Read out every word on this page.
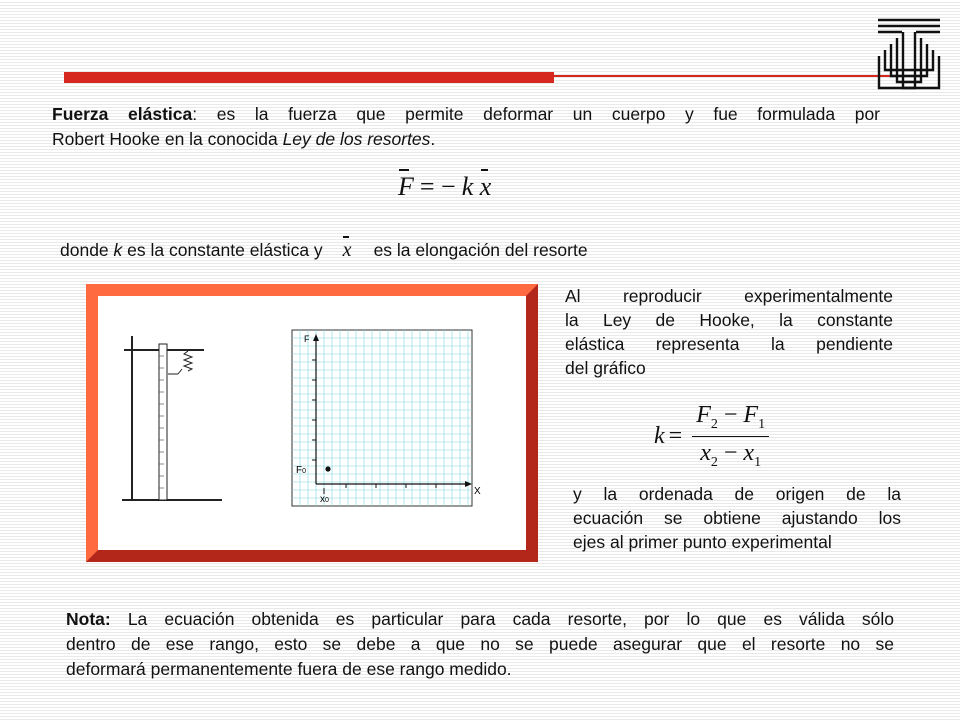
Fuerza elástica: es la fuerza que permite deformar un cuerpo y fue formulada por

Robert Hooke en la conocida Ley de los resortes.

F = − k x
donde k es la constante elástica y x es la elongación del resorte
F
X
F0
x0

Al reproducir experimentalmente

la Ley de Hooke, la constante

elástica representa la pendiente

del gráfico

$k = \frac{F_2 - F_1}{x_2 - x_1}$

y la ordenada de origen de la

ecuación se obtiene ajustando los

ejes al primer punto experimental

Nota: La ecuación obtenida es particular para cada resorte, por lo que es válida sólo

dentro de ese rango, esto se debe a que no se puede asegurar que el resorte no se

deformará permanentemente fuera de ese rango medido.
